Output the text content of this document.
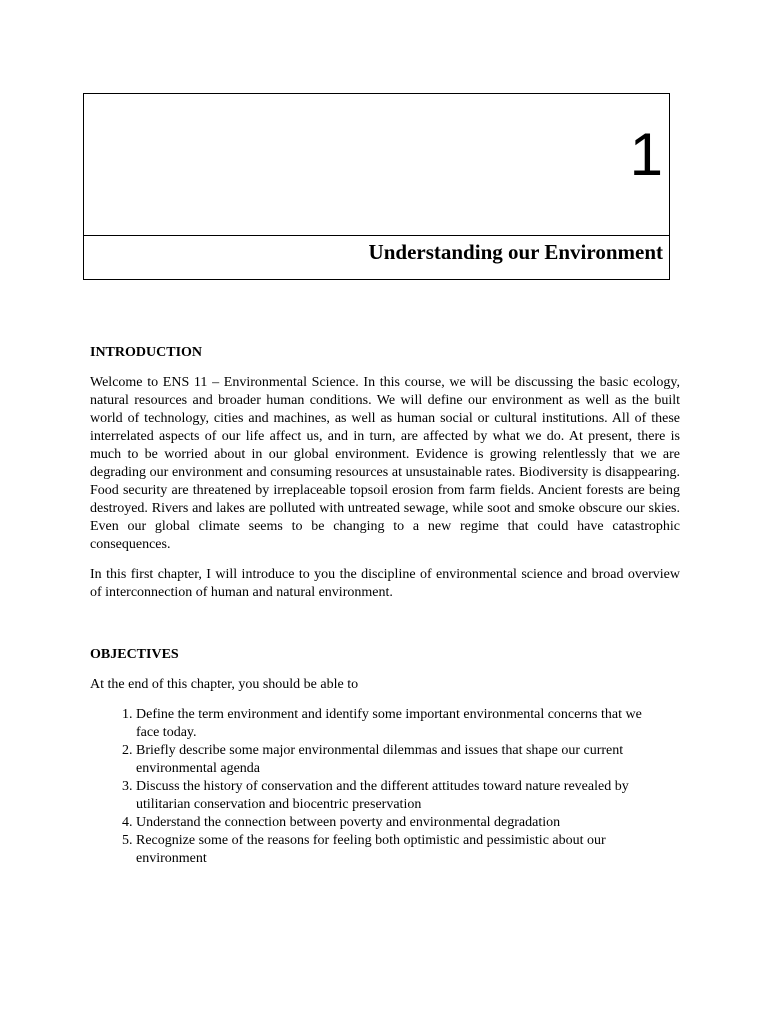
1
Understanding our Environment

INTRODUCTION

Welcome to ENS 11 – Environmental Science. In this course, we will be discussing the basic ecology, natural resources and broader human conditions. We will define our environment as well as the built world of technology, cities and machines, as well as human social or cultural institutions. All of these interrelated aspects of our life affect us, and in turn, are affected by what we do. At present, there is much to be worried about in our global environment. Evidence is growing relentlessly that we are degrading our environment and consuming resources at unsustainable rates. Biodiversity is disappearing. Food security are threatened by irreplaceable topsoil erosion from farm fields. Ancient forests are being destroyed. Rivers and lakes are polluted with untreated sewage, while soot and smoke obscure our skies. Even our global climate seems to be changing to a new regime that could have catastrophic consequences.

In this first chapter, I will introduce to you the discipline of environmental science and broad overview of interconnection of human and natural environment.

OBJECTIVES

At the end of this chapter, you should be able to

1. Define the term environment and identify some important environmental concerns that we face today.
2. Briefly describe some major environmental dilemmas and issues that shape our current environmental agenda
3. Discuss the history of conservation and the different attitudes toward nature revealed by utilitarian conservation and biocentric preservation
4. Understand the connection between poverty and environmental degradation
5. Recognize some of the reasons for feeling both optimistic and pessimistic about our environment
